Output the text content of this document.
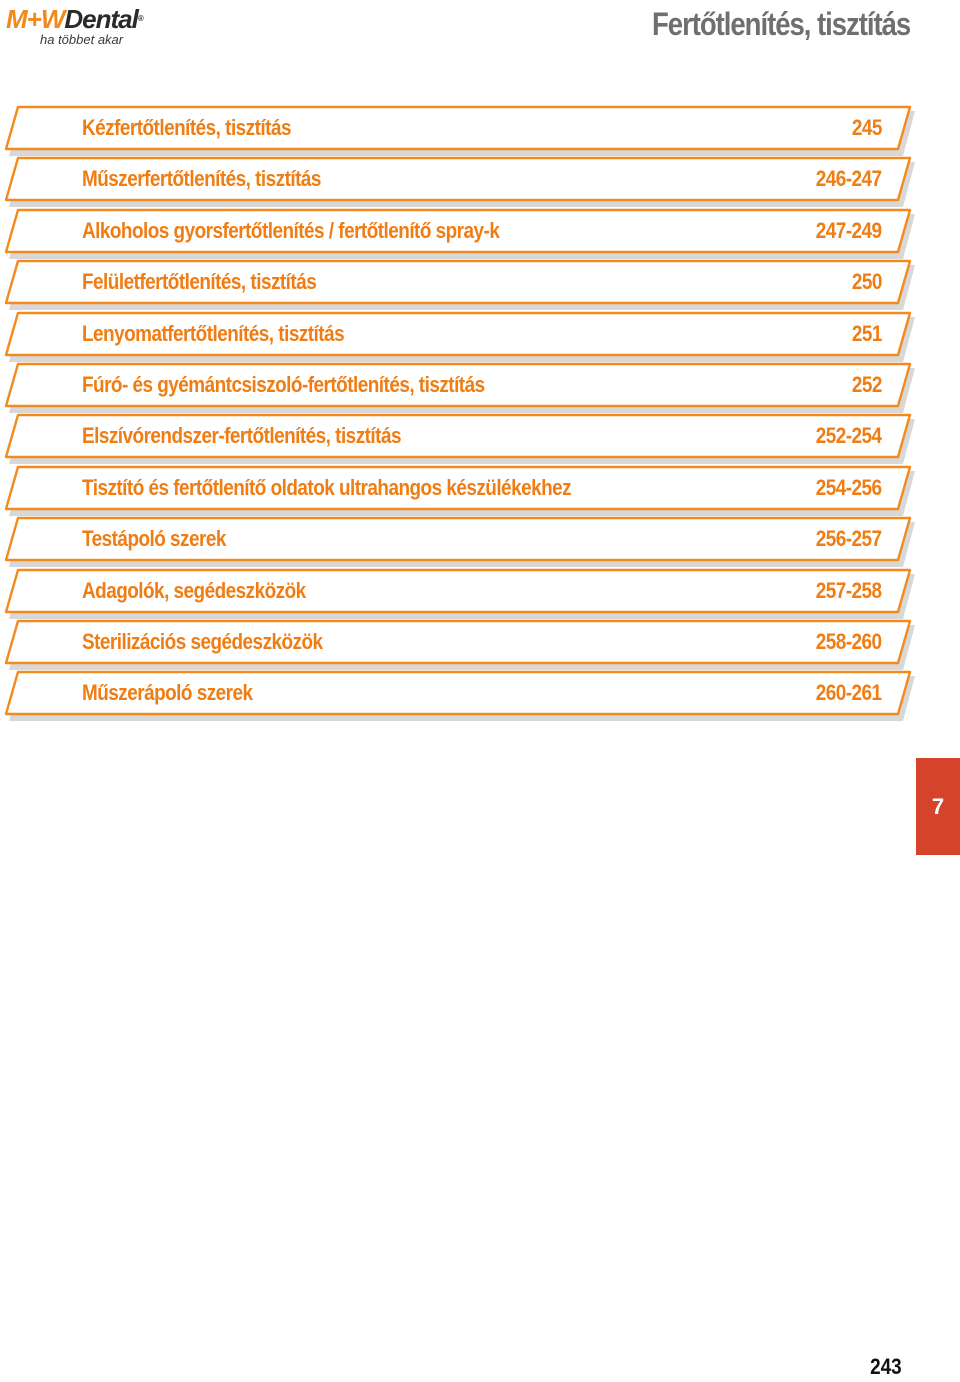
M+WDental®
ha többet akar	Fertőtlenítés, tisztítás
Kézfertőtlenítés, tisztítás	245
Műszerfertőtlenítés, tisztítás	246-247
Alkoholos gyorsfertőtlenítés / fertőtlenítő spray-k	247-249
Felületfertőtlenítés, tisztítás	250
Lenyomatfertőtlenítés, tisztítás	251
Fúró- és gyémántcsiszoló-fertőtlenítés, tisztítás	252
Elszívórendszer-fertőtlenítés, tisztítás	252-254
Tisztító és fertőtlenítő oldatok ultrahangos készülékekhez	254-256
Testápoló szerek	256-257
Adagolók, segédeszközök	257-258
Sterilizációs segédeszközök	258-260
Műszerápoló szerek	260-261
7
243
